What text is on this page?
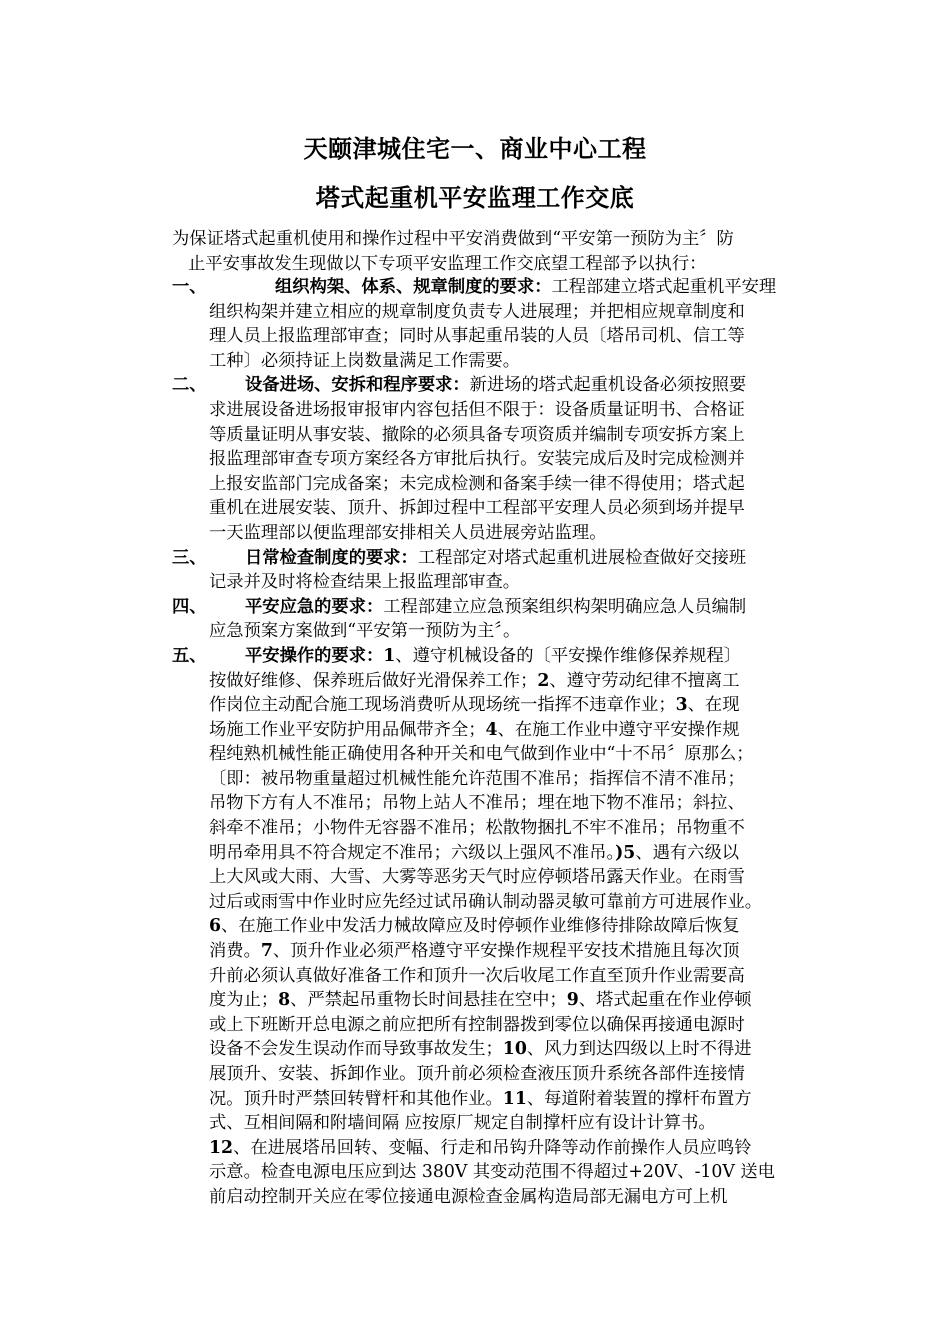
天颐津城住宅一、商业中心工程
塔式起重机平安监理工作交底
为保证塔式起重机使用和操作过程中平安消费做到“平安第一预防为主〞防
止平安事故发生现做以下专项平安监理工作交底望工程部予以执行：
一、	组织构架、体系、规章制度的要求：工程部建立塔式起重机平安理
组织构架并建立相应的规章制度负责专人进展理；并把相应规章制度和
理人员上报监理部审查；同时从事起重吊装的人员〔塔吊司机、信工等
工种〕必须持证上岗数量满足工作需要。
二、	设备进场、安拆和程序要求：新进场的塔式起重机设备必须按照要
求进展设备进场报审报审内容包括但不限于：设备质量证明书、合格证
等质量证明从事安装、撤除的必须具备专项资质并编制专项安拆方案上
报监理部审查专项方案经各方审批后执行。安装完成后及时完成检测并
上报安监部门完成备案；未完成检测和备案手续一律不得使用；塔式起
重机在进展安装、顶升、拆卸过程中工程部平安理人员必须到场并提早
一天监理部以便监理部安排相关人员进展旁站监理。
三、	日常检查制度的要求：工程部定对塔式起重机进展检查做好交接班
记录并及时将检查结果上报监理部审查。
四、	平安应急的要求：工程部建立应急预案组织构架明确应急人员编制
应急预案方案做到“平安第一预防为主〞。
五、	平安操作的要求：1、遵守机械设备的〔平安操作维修保养规程〕
按做好维修、保养班后做好光滑保养工作；2、遵守劳动纪律不擅离工
作岗位主动配合施工现场消费听从现场统一指挥不违章作业；3、在现
场施工作业平安防护用品佩带齐全；4、在施工作业中遵守平安操作规
程纯熟机械性能正确使用各种开关和电气做到作业中“十不吊〞原那么；
〔即：被吊物重量超过机械性能允许范围不准吊；指挥信不清不准吊；
吊物下方有人不准吊；吊物上站人不准吊；埋在地下物不准吊；斜拉、
斜牵不准吊；小物件无容器不准吊；松散物捆扎不牢不准吊；吊物重不
明吊牵用具不符合规定不准吊；六级以上强风不准吊。)5、遇有六级以
上大风或大雨、大雪、大雾等恶劣天气时应停顿塔吊露天作业。在雨雪
过后或雨雪中作业时应先经过试吊确认制动器灵敏可靠前方可进展作业。
6、在施工作业中发活力械故障应及时停顿作业维修待排除故障后恢复
消费。7、顶升作业必须严格遵守平安操作规程平安技术措施且每次顶
升前必须认真做好准备工作和顶升一次后收尾工作直至顶升作业需要高
度为止；8、严禁起吊重物长时间悬挂在空中；9、塔式起重在作业停顿
或上下班断开总电源之前应把所有控制器拨到零位以确保再接通电源时
设备不会发生误动作而导致事故发生；10、风力到达四级以上时不得进
展顶升、安装、拆卸作业。顶升前必须检查液压顶升系统各部件连接情
况。顶升时严禁回转臂杆和其他作业。11、每道附着装置的撑杆布置方
式、互相间隔和附墙间隔 应按原厂规定自制撑杆应有设计计算书。
12、在进展塔吊回转、变幅、行走和吊钩升降等动作前操作人员应鸣铃
示意。检查电源电压应到达 380V 其变动范围不得超过+20V、-10V 送电
前启动控制开关应在零位接通电源检查金属构造局部无漏电方可上机
